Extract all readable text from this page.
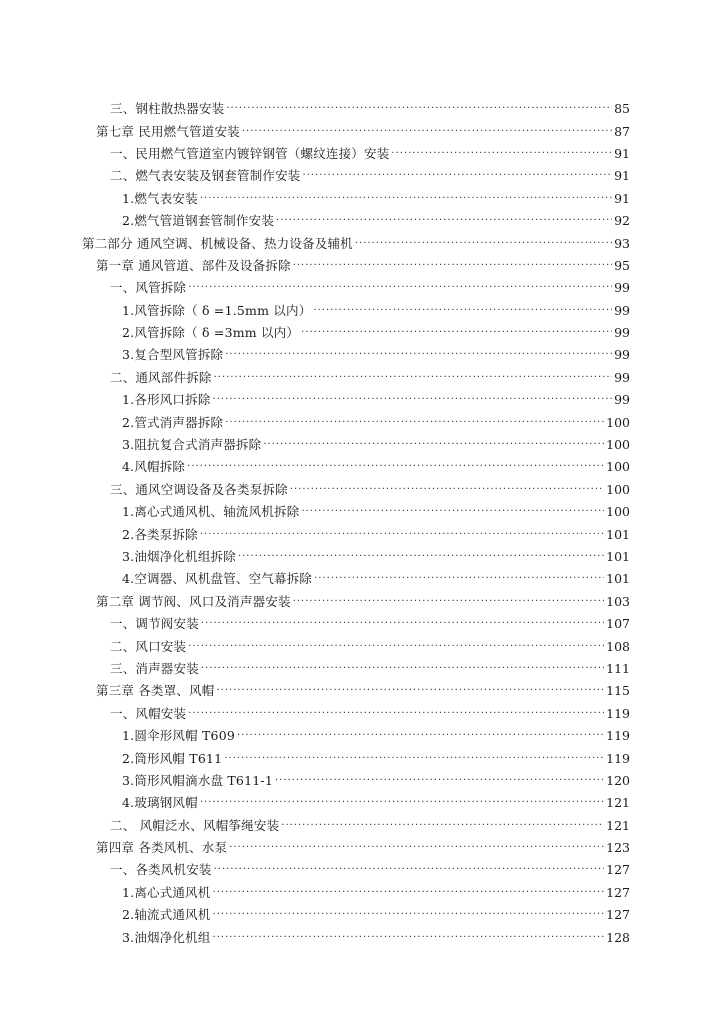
三、钢柱散热器安装 ·····	85
第七章 民用燃气管道安装 ·····	87
一、民用燃气管道室内镀锌钢管（螺纹连接）安装 ·····	91
二、燃气表安装及钢套管制作安装 ·····	91
1.燃气表安装 ·····	91
2.燃气管道钢套管制作安装 ·····	92
第二部分 通风空调、机械设备、热力设备及辅机 ·····	93
第一章 通风管道、部件及设备拆除 ·····	95
一、风管拆除 ·····	99
1.风管拆除（ δ =1.5mm 以内） ·····	99
2.风管拆除（ δ =3mm 以内） ·····	99
3.复合型风管拆除 ·····	99
二、通风部件拆除 ·····	99
1.各形风口拆除 ·····	99
2.管式消声器拆除 ·····	100
3.阻抗复合式消声器拆除 ·····	100
4.风帽拆除 ·····	100
三、通风空调设备及各类泵拆除 ·····	100
1.离心式通风机、轴流风机拆除 ·····	100
2.各类泵拆除 ·····	101
3.油烟净化机组拆除 ·····	101
4.空调器、风机盘管、空气幕拆除 ·····	101
第二章 调节阀、风口及消声器安装 ·····	103
一、调节阀安装 ·····	107
二、风口安装 ·····	108
三、消声器安装 ·····	111
第三章 各类罩、风帽 ·····	115
一、风帽安装 ·····	119
1.圆伞形风帽 T609 ·····	119
2.筒形风帽 T611 ·····	119
3.筒形风帽滴水盘 T611-1 ·····	120
4.玻璃钢风帽 ·····	121
二、 风帽泛水、风帽筝绳安装 ·····	121
第四章 各类风机、水泵 ·····	123
一、各类风机安装 ·····	127
1.离心式通风机 ·····	127
2.轴流式通风机 ·····	127
3.油烟净化机组 ·····	128
